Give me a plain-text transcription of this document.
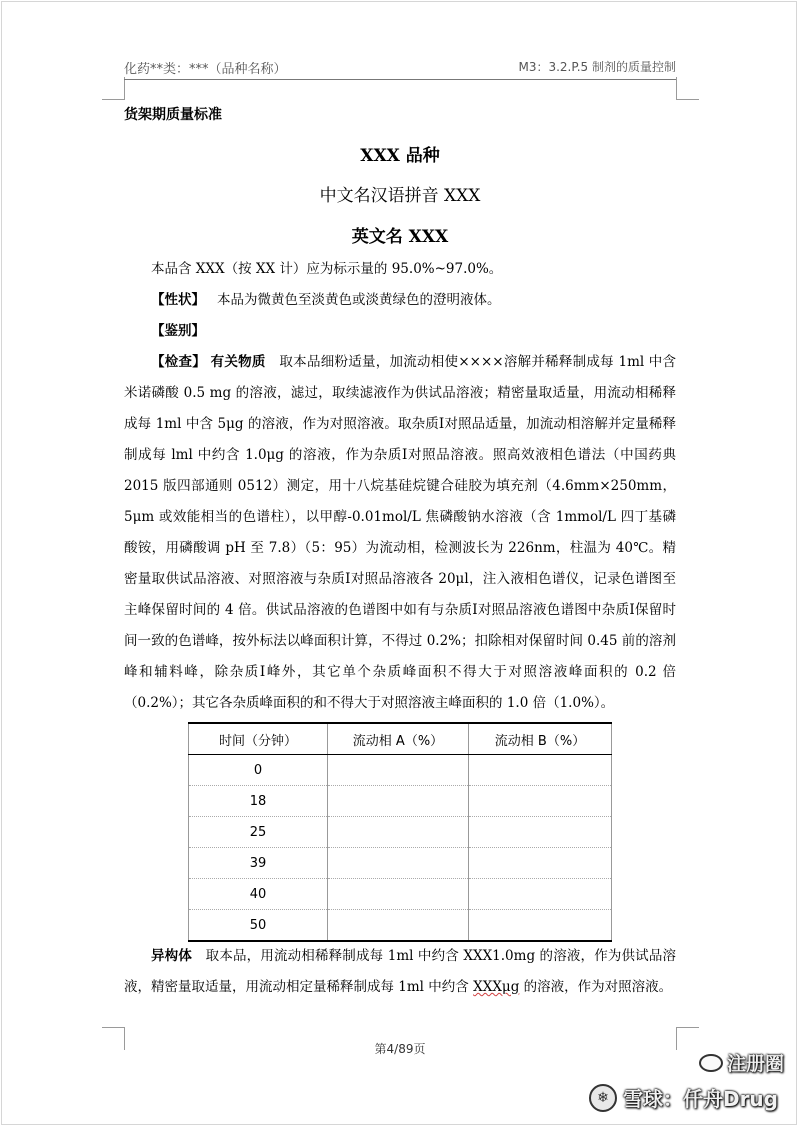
化药**类：***（品种名称）	M3：3.2.P.5 制剂的质量控制
货架期质量标准
XXX 品种
中文名汉语拼音 XXX
英文名 XXX
本品含 XXX（按 XX 计）应为标示量的 95.0%~97.0%。
【性状】 本品为微黄色至淡黄色或淡黄绿色的澄明液体。
【鉴别】
【检查】 有关物质　 取本品细粉适量，加流动相使××××溶解并稀释制成每 1ml 中含米诺磷酸 0.5 mg 的溶液，滤过，取续滤液作为供试品溶液；精密量取适量，用流动相稀释成每 1ml 中含 5μg 的溶液，作为对照溶液。取杂质Ⅰ对照品适量，加流动相溶解并定量稀释制成每 lml 中约含 1.0μg 的溶液，作为杂质Ⅰ对照品溶液。照高效液相色谱法（中国药典 2015 版四部通则 0512）测定，用十八烷基硅烷键合硅胶为填充剂（4.6mm×250mm，5μm 或效能相当的色谱柱），以甲醇-0.01mol/L 焦磷酸钠水溶液（含 1mmol/L 四丁基磷酸铵，用磷酸调 pH 至 7.8）（5：95）为流动相，检测波长为 226nm，柱温为 40℃。精密量取供试品溶液、对照溶液与杂质Ⅰ对照品溶液各 20μl，注入液相色谱仪，记录色谱图至主峰保留时间的 4 倍。供试品溶液的色谱图中如有与杂质Ⅰ对照品溶液色谱图中杂质Ⅰ保留时间一致的色谱峰，按外标法以峰面积计算，不得过 0.2%；扣除相对保留时间 0.45 前的溶剂峰和辅料峰，除杂质Ⅰ峰外，其它单个杂质峰面积不得大于对照溶液峰面积的 0.2 倍（0.2%）；其它各杂质峰面积的和不得大于对照溶液主峰面积的 1.0 倍（1.0%）。
时间（分钟）	流动相 A（%）	流动相 B（%）
0		
18		
25		
39		
40		
50		
异构体　 取本品，用流动相稀释制成每 1ml 中约含 XXX1.0mg 的溶液，作为供试品溶液，精密量取适量，用流动相定量稀释制成每 1ml 中约含 XXXμg 的溶液，作为对照溶液。
第4/89页
注册圈
❄ 雪球：仟舟Drug
